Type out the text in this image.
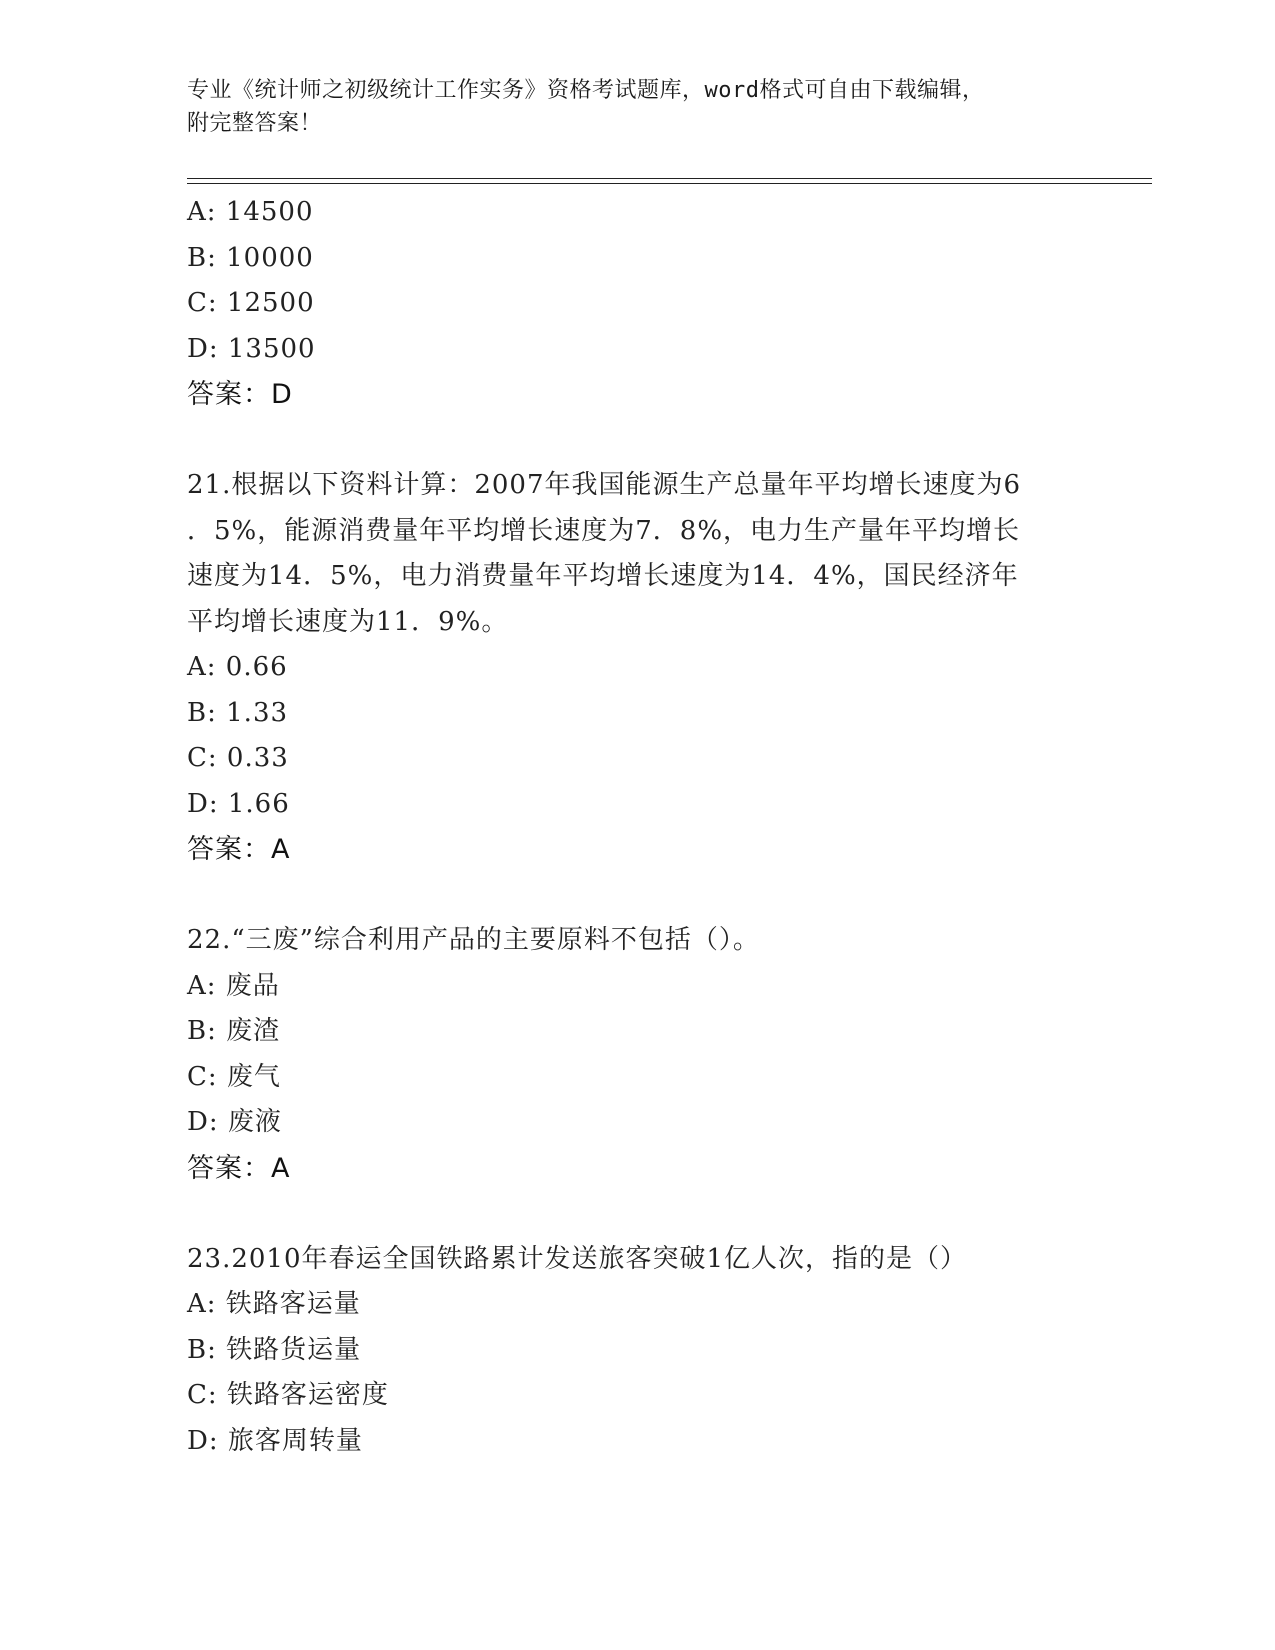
专业《统计师之初级统计工作实务》资格考试题库，word格式可自由下载编辑，
附完整答案！
A: 14500
B: 10000
C: 12500
D: 13500
答案：D
21.根据以下资料计算：2007年我国能源生产总量年平均增长速度为6
．5%，能源消费量年平均增长速度为7．8%，电力生产量年平均增长
速度为14．5%，电力消费量年平均增长速度为14．4%，国民经济年
平均增长速度为11．9%。
A: 0.66
B: 1.33
C: 0.33
D: 1.66
答案：A
22.“三废”综合利用产品的主要原料不包括（）。
A: 废品
B: 废渣
C: 废气
D: 废液
答案：A
23.2010年春运全国铁路累计发送旅客突破1亿人次，指的是（）
A: 铁路客运量
B: 铁路货运量
C: 铁路客运密度
D: 旅客周转量
